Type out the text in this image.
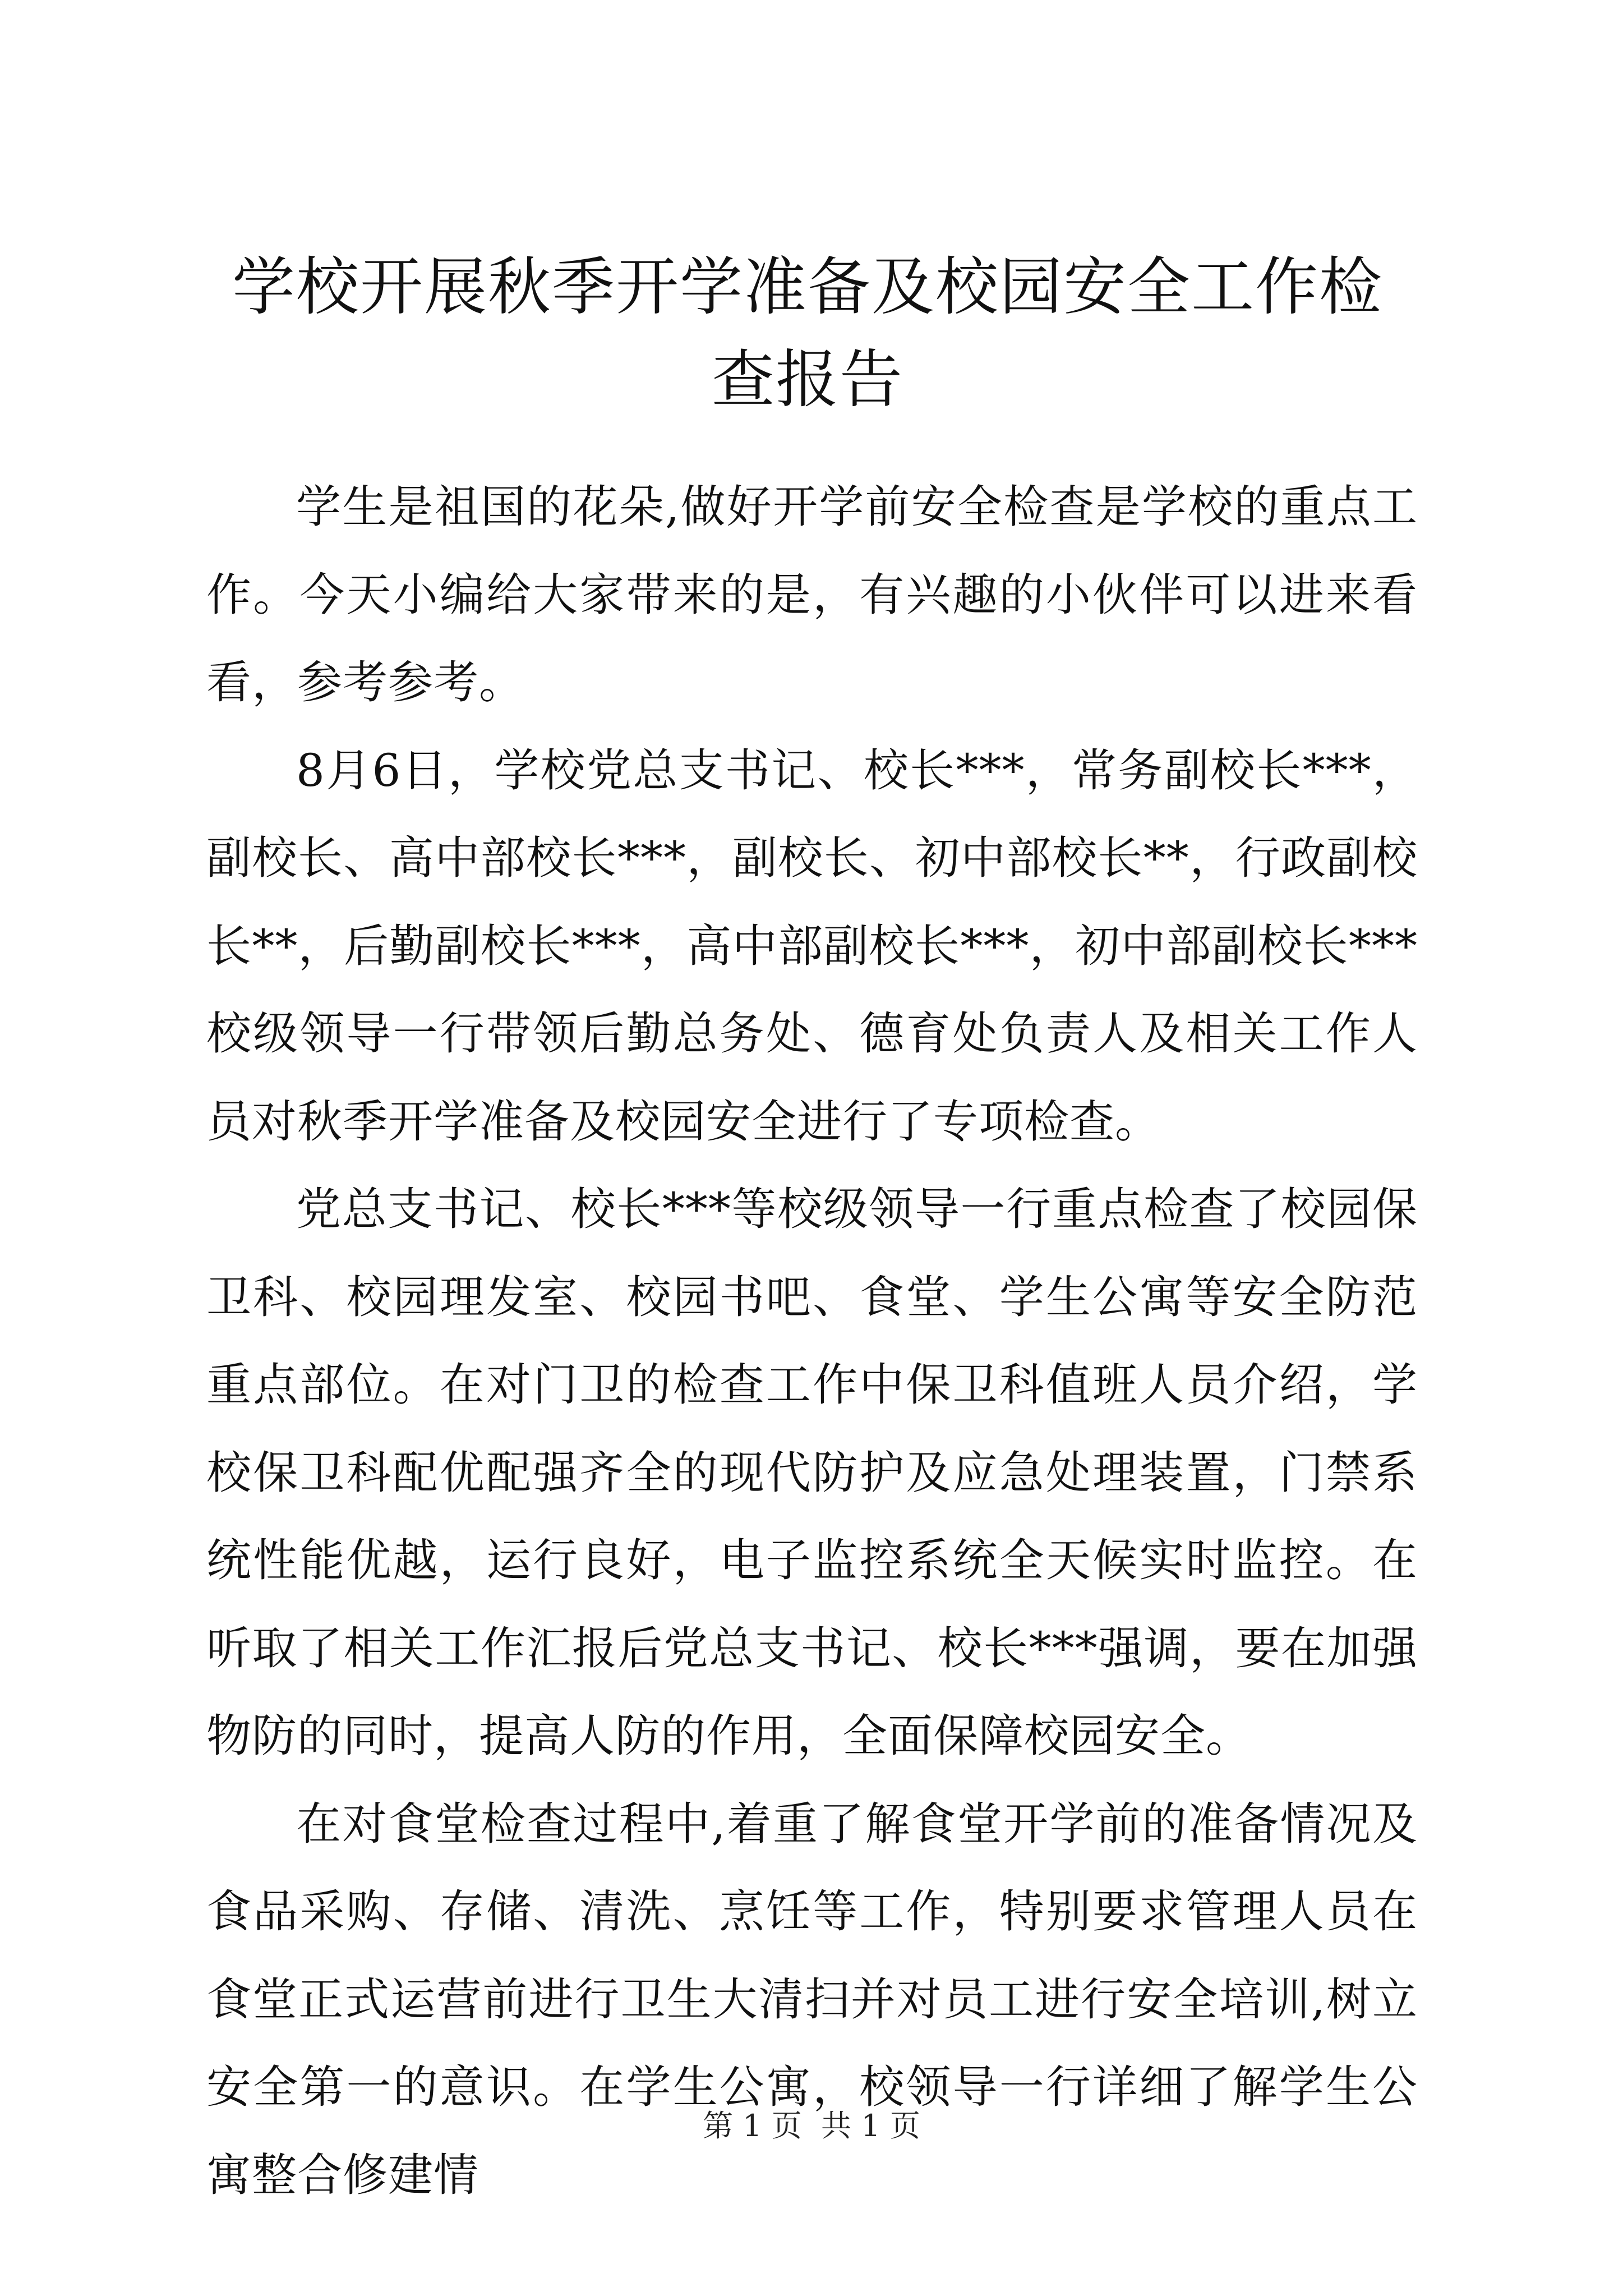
学校开展秋季开学准备及校园安全工作检查报告

学生是祖国的花朵,做好开学前安全检查是学校的重点工作。今天小编给大家带来的是，有兴趣的小伙伴可以进来看看，参考参考。

8月6日，学校党总支书记、校长***，常务副校长***，副校长、高中部校长***，副校长、初中部校长**，行政副校长**，后勤副校长***，高中部副校长***，初中部副校长***校级领导一行带领后勤总务处、德育处负责人及相关工作人员对秋季开学准备及校园安全进行了专项检查。

党总支书记、校长***等校级领导一行重点检查了校园保卫科、校园理发室、校园书吧、食堂、学生公寓等安全防范重点部位。在对门卫的检查工作中保卫科值班人员介绍，学校保卫科配优配强齐全的现代防护及应急处理装置，门禁系统性能优越，运行良好，电子监控系统全天候实时监控。在听取了相关工作汇报后党总支书记、校长***强调，要在加强物防的同时，提高人防的作用，全面保障校园安全。

在对食堂检查过程中,着重了解食堂开学前的准备情况及食品采购、存储、清洗、烹饪等工作，特别要求管理人员在食堂正式运营前进行卫生大清扫并对员工进行安全培训,树立安全第一的意识。在学生公寓，校领导一行详细了解学生公寓整合修建情

第 1 页  共 1 页
